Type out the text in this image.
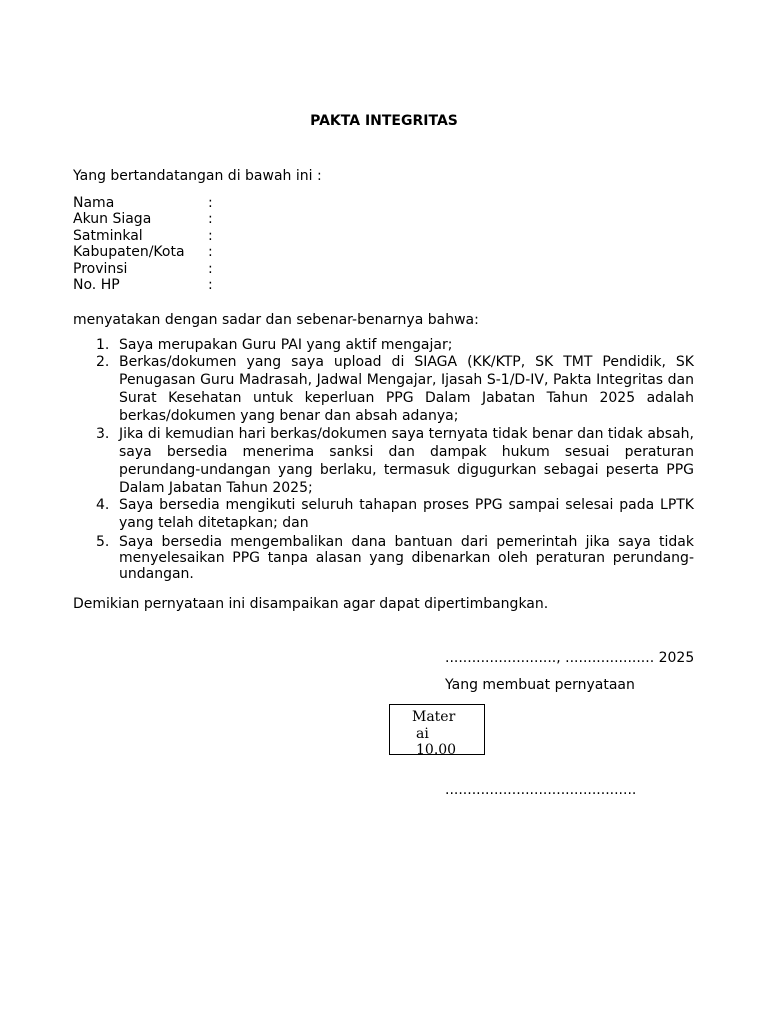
PAKTA INTEGRITAS
Yang bertandatangan di bawah ini :
Nama	:
Akun Siaga	:
Satminkal	:
Kabupaten/Kota :
Provinsi	:
No. HP	:
menyatakan dengan sadar dan sebenar-benarnya bahwa:
1. Saya merupakan Guru PAI yang aktif mengajar;
2. Berkas/dokumen yang saya upload di SIAGA (KK/KTP, SK TMT Pendidik, SK Penugasan Guru Madrasah, Jadwal Mengajar, Ijasah S-1/D-IV, Pakta Integritas dan Surat Kesehatan untuk keperluan PPG Dalam Jabatan Tahun 2025 adalah berkas/dokumen yang benar dan absah adanya;
3. Jika di kemudian hari berkas/dokumen saya ternyata tidak benar dan tidak absah, saya bersedia menerima sanksi dan dampak hukum sesuai peraturan perundang-undangan yang berlaku, termasuk digugurkan sebagai peserta PPG Dalam Jabatan Tahun 2025;
4. Saya bersedia mengikuti seluruh tahapan proses PPG sampai selesai pada LPTK yang telah ditetapkan; dan
5. Saya bersedia mengembalikan dana bantuan dari pemerintah jika saya tidak menyelesaikan PPG tanpa alasan yang dibenarkan oleh peraturan perundang-undangan.
Demikian pernyataan ini disampaikan agar dapat dipertimbangkan.
........................., .................... 2025
Yang membuat pernyataan
Mater
ai
10.00
...........................................
